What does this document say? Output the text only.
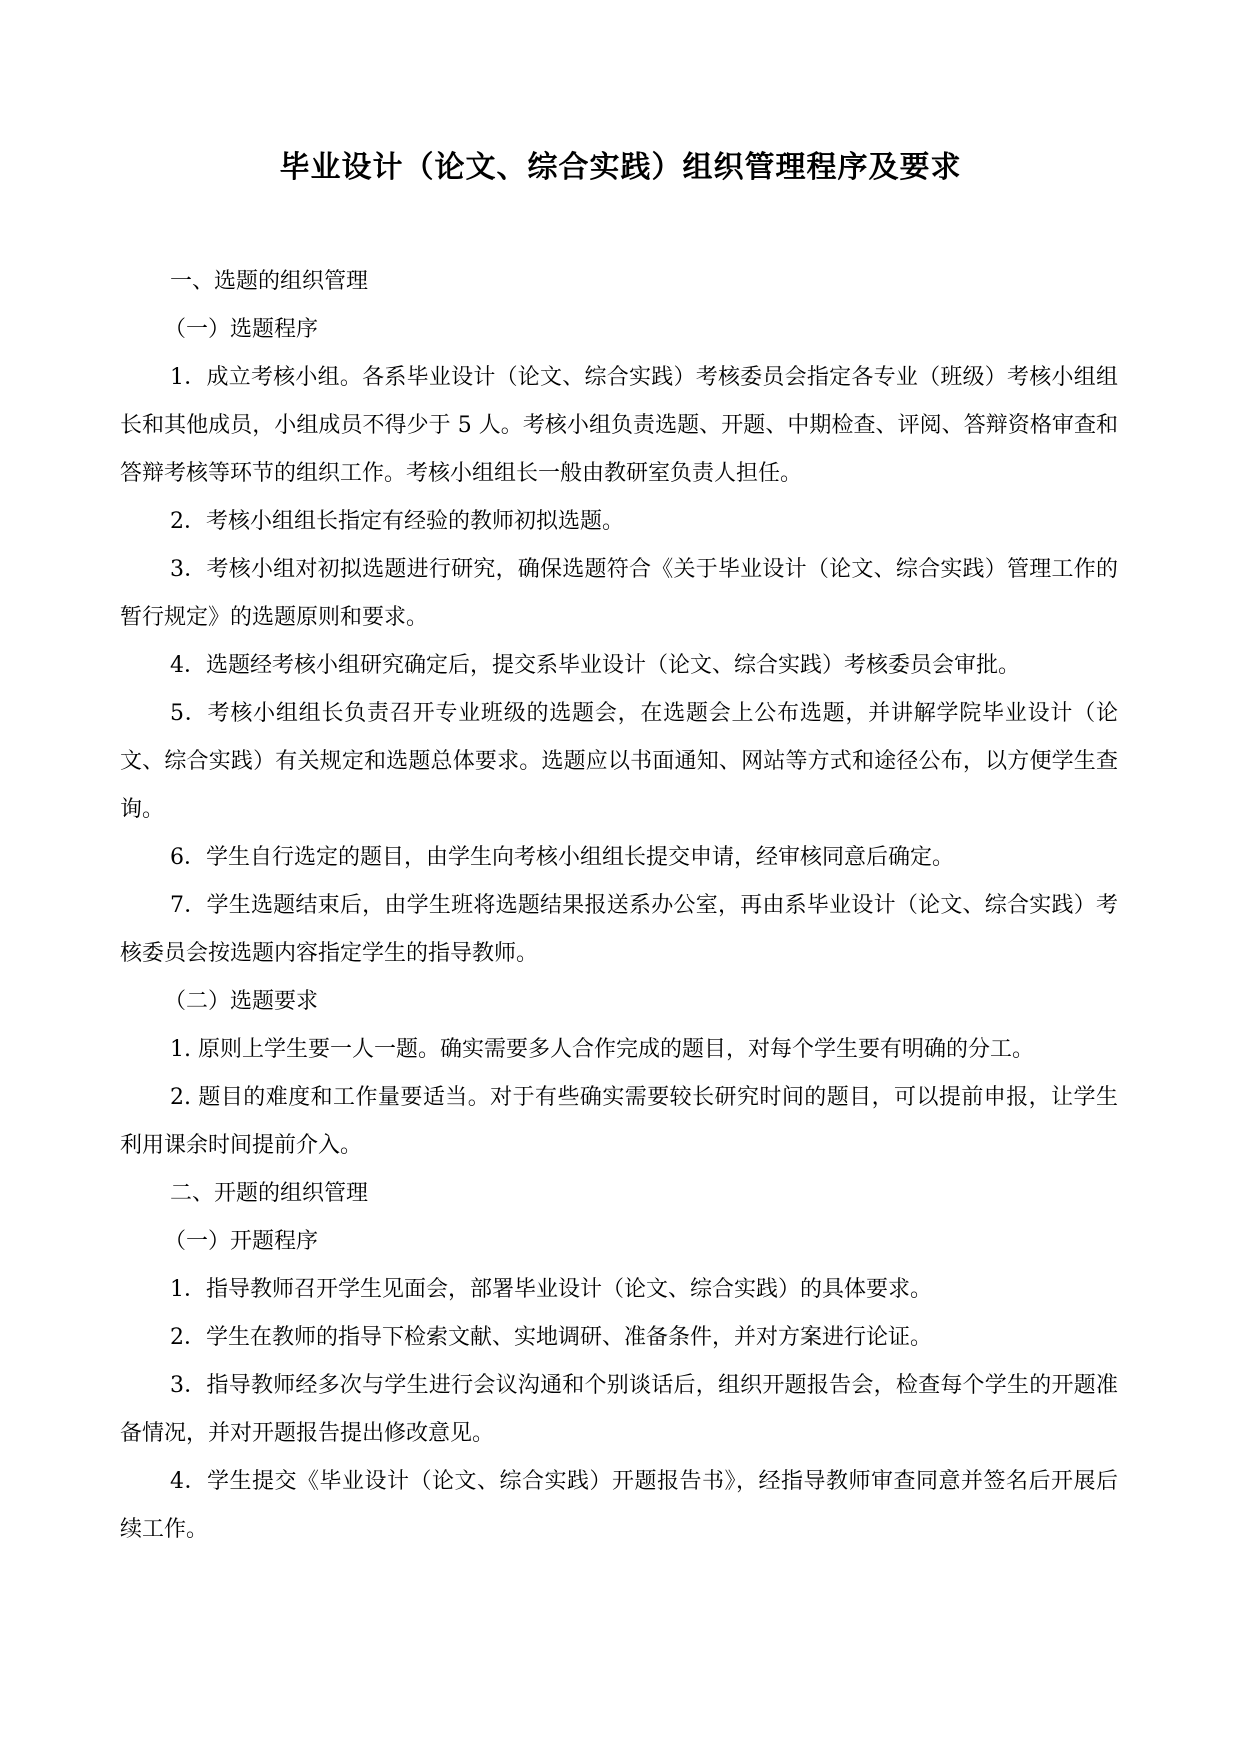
毕业设计（论文、综合实践）组织管理程序及要求

一、选题的组织管理

（一）选题程序

1．成立考核小组。各系毕业设计（论文、综合实践）考核委员会指定各专业（班级）考核小组组长和其他成员，小组成员不得少于 5 人。考核小组负责选题、开题、中期检查、评阅、答辩资格审查和答辩考核等环节的组织工作。考核小组组长一般由教研室负责人担任。

2．考核小组组长指定有经验的教师初拟选题。

3．考核小组对初拟选题进行研究，确保选题符合《关于毕业设计（论文、综合实践）管理工作的暂行规定》的选题原则和要求。

4．选题经考核小组研究确定后，提交系毕业设计（论文、综合实践）考核委员会审批。

5．考核小组组长负责召开专业班级的选题会，在选题会上公布选题，并讲解学院毕业设计（论文、综合实践）有关规定和选题总体要求。选题应以书面通知、网站等方式和途径公布，以方便学生查询。

6．学生自行选定的题目，由学生向考核小组组长提交申请，经审核同意后确定。

7．学生选题结束后，由学生班将选题结果报送系办公室，再由系毕业设计（论文、综合实践）考核委员会按选题内容指定学生的指导教师。

（二）选题要求

1. 原则上学生要一人一题。确实需要多人合作完成的题目，对每个学生要有明确的分工。

2. 题目的难度和工作量要适当。对于有些确实需要较长研究时间的题目，可以提前申报，让学生利用课余时间提前介入。

二、开题的组织管理

（一）开题程序

1．指导教师召开学生见面会，部署毕业设计（论文、综合实践）的具体要求。

2．学生在教师的指导下检索文献、实地调研、准备条件，并对方案进行论证。

3．指导教师经多次与学生进行会议沟通和个别谈话后，组织开题报告会，检查每个学生的开题准备情况，并对开题报告提出修改意见。

4．学生提交《毕业设计（论文、综合实践）开题报告书》，经指导教师审查同意并签名后开展后续工作。
